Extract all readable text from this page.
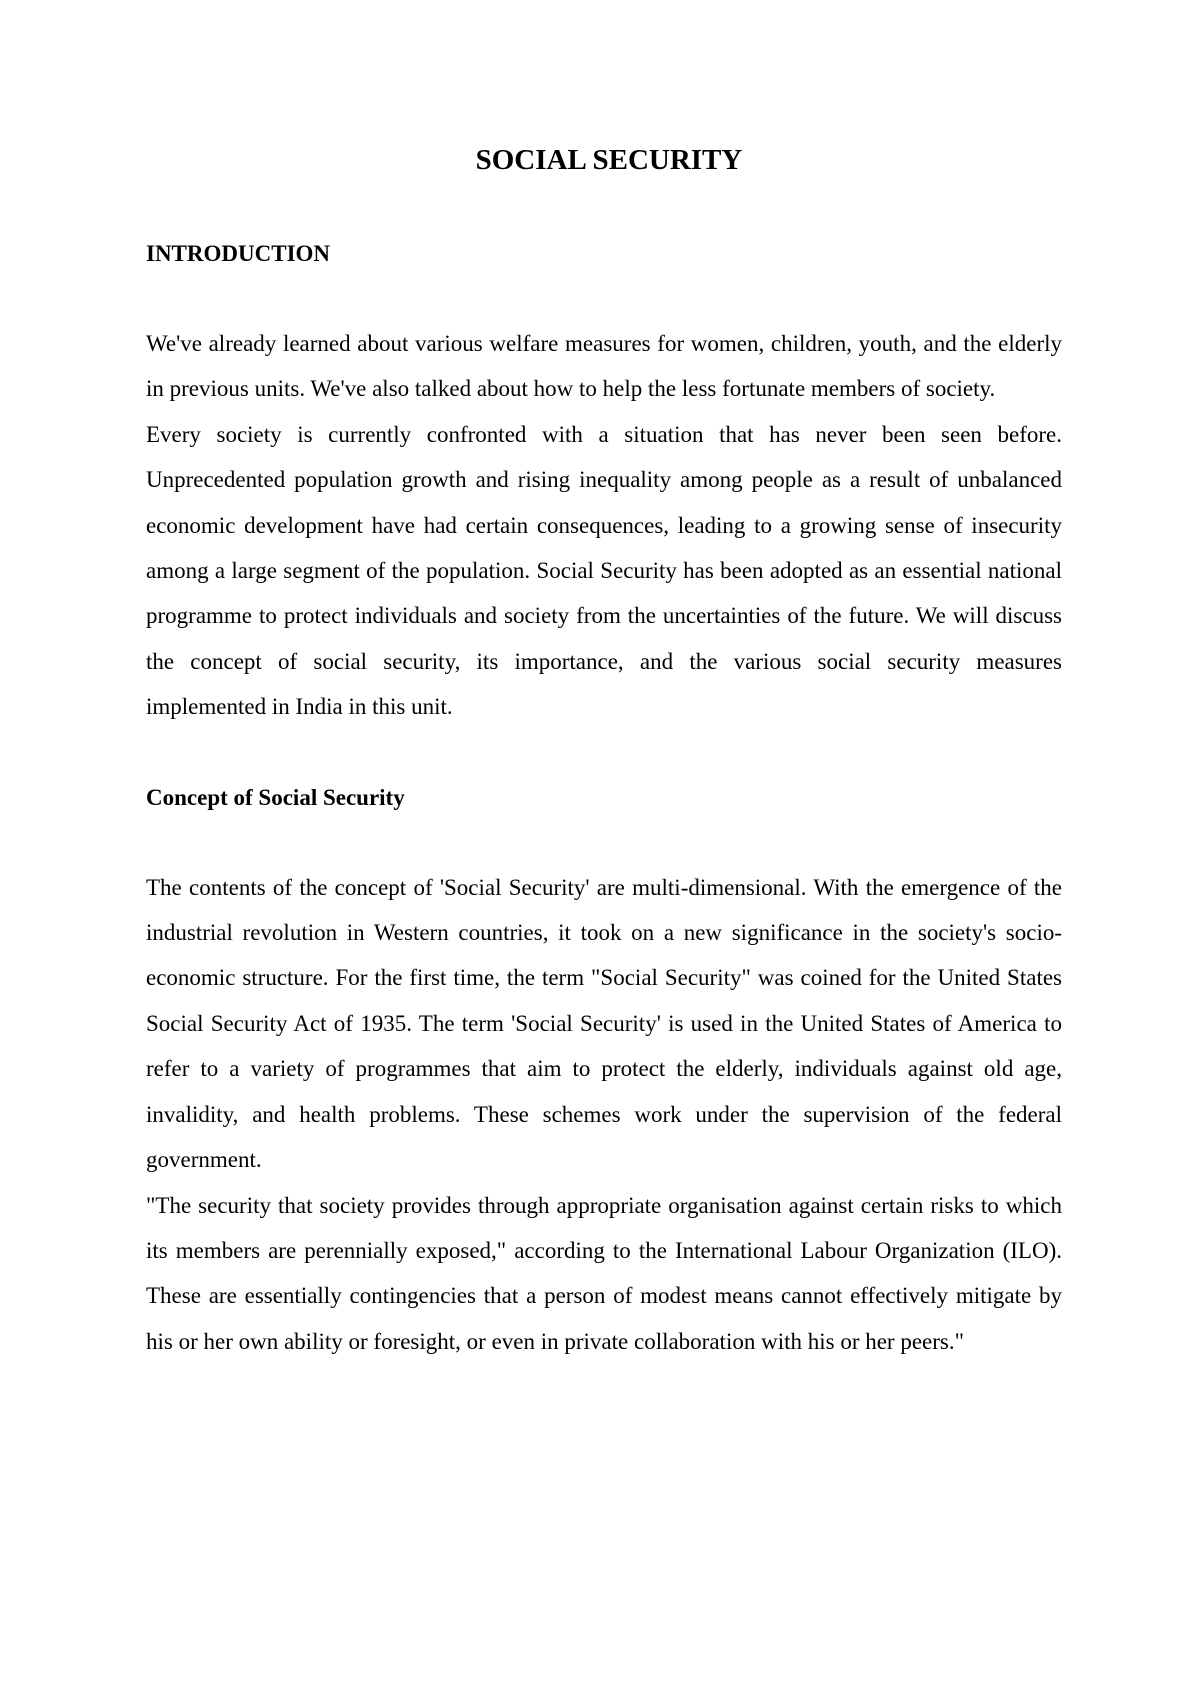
SOCIAL SECURITY
INTRODUCTION

We've already learned about various welfare measures for women, children, youth, and the elderly in previous units. We've also talked about how to help the less fortunate members of society.

Every society is currently confronted with a situation that has never been seen before. Unprecedented population growth and rising inequality among people as a result of unbalanced economic development have had certain consequences, leading to a growing sense of insecurity among a large segment of the population. Social Security has been adopted as an essential national programme to protect individuals and society from the uncertainties of the future. We will discuss the concept of social security, its importance, and the various social security measures implemented in India in this unit.

Concept of Social Security

The contents of the concept of 'Social Security' are multi-dimensional. With the emergence of the industrial revolution in Western countries, it took on a new significance in the society's socio-economic structure. For the first time, the term "Social Security" was coined for the United States Social Security Act of 1935. The term 'Social Security' is used in the United States of America to refer to a variety of programmes that aim to protect the elderly, individuals against old age, invalidity, and health problems. These schemes work under the supervision of the federal government.

"The security that society provides through appropriate organisation against certain risks to which its members are perennially exposed," according to the International Labour Organization (ILO). These are essentially contingencies that a person of modest means cannot effectively mitigate by his or her own ability or foresight, or even in private collaboration with his or her peers."
